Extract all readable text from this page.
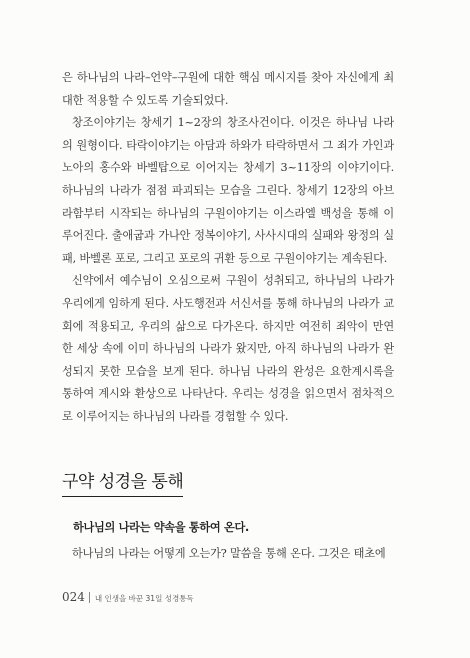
은 하나님의 나라–언약–구원에 대한 핵심 메시지를 찾아 자신에게 최대한 적용할 수 있도록 기술되었다.

창조이야기는 창세기 1~2장의 창조사건이다. 이것은 하나님 나라의 원형이다. 타락이야기는 아담과 하와가 타락하면서 그 죄가 가인과 노아의 홍수와 바벨탑으로 이어지는 창세기 3~11장의 이야기이다. 하나님의 나라가 점점 파괴되는 모습을 그린다. 창세기 12장의 아브라함부터 시작되는 하나님의 구원이야기는 이스라엘 백성을 통해 이루어진다. 출애굽과 가나안 정복이야기, 사사시대의 실패와 왕정의 실패, 바벨론 포로, 그리고 포로의 귀환 등으로 구원이야기는 계속된다.

신약에서 예수님이 오심으로써 구원이 성취되고, 하나님의 나라가 우리에게 임하게 된다. 사도행전과 서신서를 통해 하나님의 나라가 교회에 적용되고, 우리의 삶으로 다가온다. 하지만 여전히 죄악이 만연한 세상 속에 이미 하나님의 나라가 왔지만, 아직 하나님의 나라가 완성되지 못한 모습을 보게 된다. 하나님 나라의 완성은 요한계시록을 통하여 계시와 환상으로 나타난다. 우리는 성경을 읽으면서 점차적으로 이루어지는 하나님의 나라를 경험할 수 있다.

구약 성경을 통해
하나님의 나라는 약속을 통하여 온다.

하나님의 나라는 어떻게 오는가? 말씀을 통해 온다. 그것은 태초에

024 내 인생을 바꾼 31일 성경통독
